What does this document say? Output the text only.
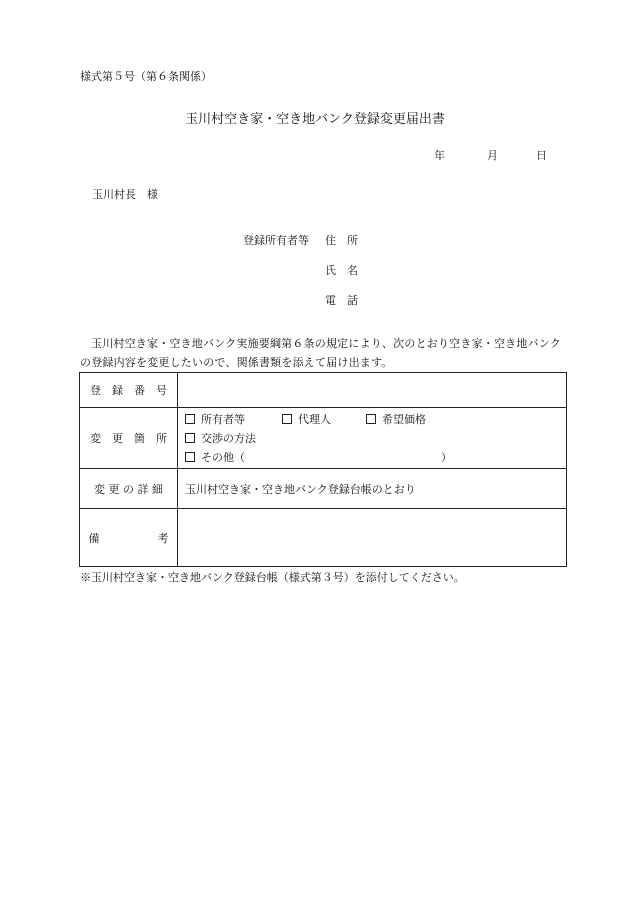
様式第５号（第６条関係）
玉川村空き家・空き地バンク登録変更届出書
年	月	日
玉川村長　様
登録所有者等 住　所
氏　名
電　話
玉川村空き家・空き地バンク実施要綱第６条の規定により、次のとおり空き家・空き地バンクの登録内容を変更したいので、関係書類を添えて届け出ます。
登　録　番　号	
変　更　箇　所	所有者等 代理人 希望価格
交渉の方法
その他（ ）

変 更 の 詳 細	玉川村空き家・空き地バンク登録台帳のとおり
備 考	
※玉川村空き家・空き地バンク登録台帳（様式第３号）を添付してください。
